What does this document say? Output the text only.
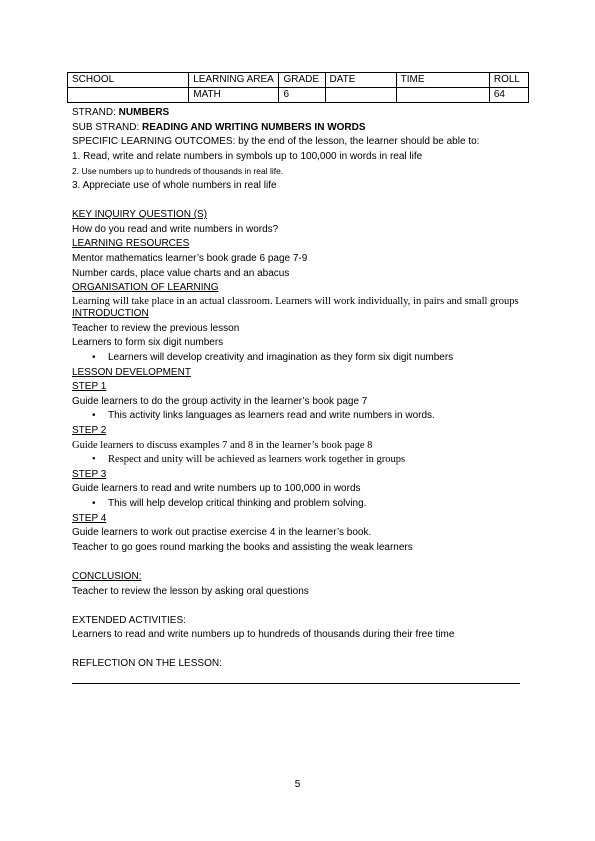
SCHOOL	LEARNING AREA	GRADE	DATE	TIME	ROLL
	MATH	6			64
STRAND: NUMBERS
SUB STRAND: READING AND WRITING NUMBERS IN WORDS
SPECIFIC LEARNING OUTCOMES: by the end of the lesson, the learner should be able to:
1. Read, write and relate numbers in symbols up to 100,000 in words in real life
2. Use numbers up to hundreds of thousands in real life.
3. Appreciate use of whole numbers in real life
KEY INQUIRY QUESTION (S)
How do you read and write numbers in words?
LEARNING RESOURCES
Mentor mathematics learner’s book grade 6 page 7-9
Number cards, place value charts and an abacus
ORGANISATION OF LEARNING
Learning will take place in an actual classroom. Learners will work individually, in pairs and small groups
INTRODUCTION
Teacher to review the previous lesson
Learners to form six digit numbers
• Learners will develop creativity and imagination as they form six digit numbers
LESSON DEVELOPMENT
STEP 1
Guide learners to do the group activity in the learner’s book page 7
• This activity links languages as learners read and write numbers in words.
STEP 2
Guide learners to discuss examples 7 and 8 in the learner’s book page 8
• Respect and unity will be achieved as learners work together in groups
STEP 3
Guide learners to read and write numbers up to 100,000 in words
• This will help develop critical thinking and problem solving.
STEP 4
Guide learners to work out practise exercise 4 in the learner’s book.
Teacher to go goes round marking the books and assisting the weak learners
CONCLUSION:
Teacher to review the lesson by asking oral questions
EXTENDED ACTIVITIES:
Learners to read and write numbers up to hundreds of thousands during their free time
REFLECTION ON THE LESSON:
5
